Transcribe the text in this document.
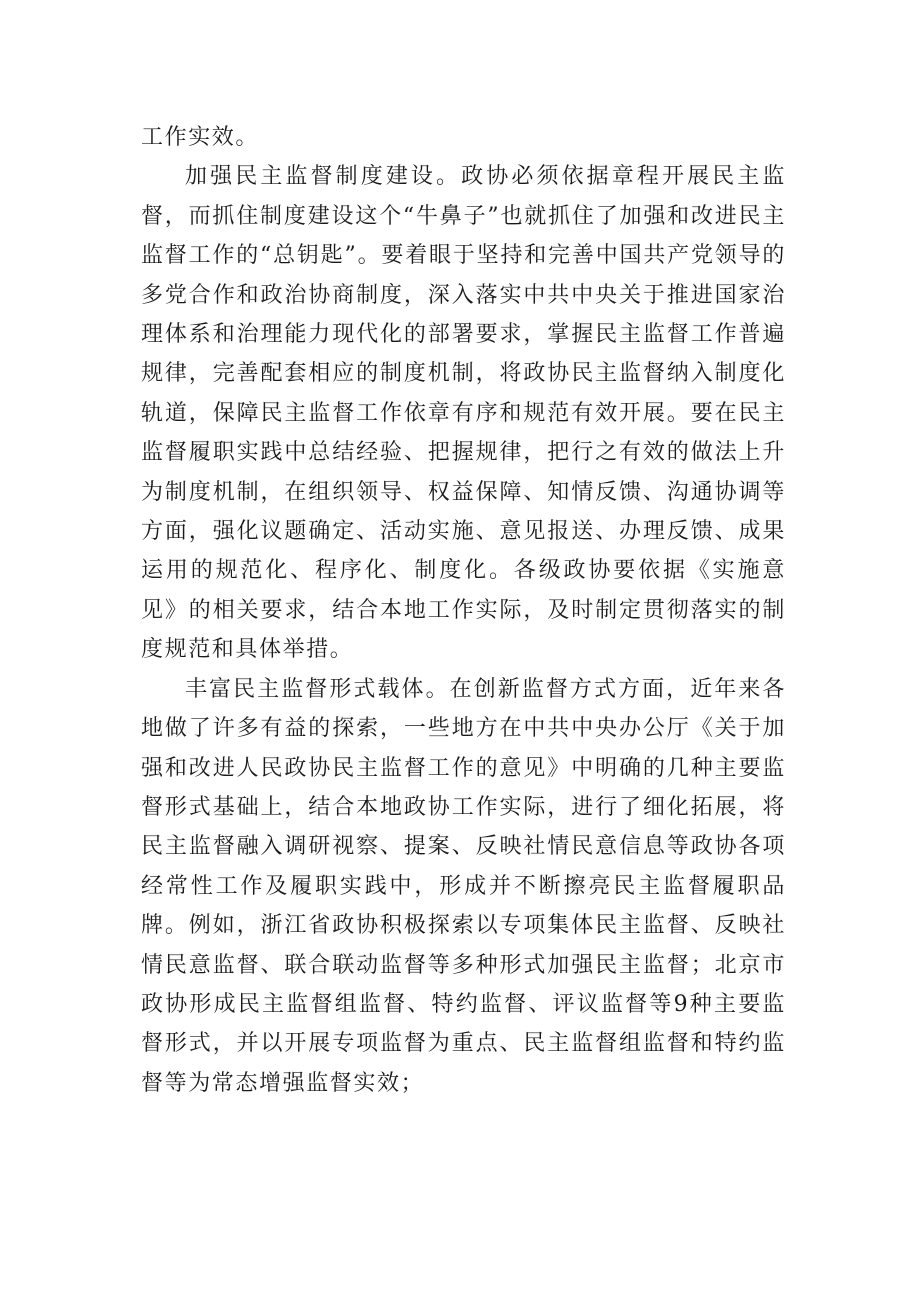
工作实效。

加强民主监督制度建设。政协必须依据章程开展民主监督，而抓住制度建设这个“牛鼻子”也就抓住了加强和改进民主监督工作的“总钥匙”。要着眼于坚持和完善中国共产党领导的多党合作和政治协商制度，深入落实中共中央关于推进国家治理体系和治理能力现代化的部署要求，掌握民主监督工作普遍规律，完善配套相应的制度机制，将政协民主监督纳入制度化轨道，保障民主监督工作依章有序和规范有效开展。要在民主监督履职实践中总结经验、把握规律，把行之有效的做法上升为制度机制，在组织领导、权益保障、知情反馈、沟通协调等方面，强化议题确定、活动实施、意见报送、办理反馈、成果运用的规范化、程序化、制度化。各级政协要依据《实施意见》的相关要求，结合本地工作实际，及时制定贯彻落实的制度规范和具体举措。

丰富民主监督形式载体。在创新监督方式方面，近年来各地做了许多有益的探索，一些地方在中共中央办公厅《关于加强和改进人民政协民主监督工作的意见》中明确的几种主要监督形式基础上，结合本地政协工作实际，进行了细化拓展，将民主监督融入调研视察、提案、反映社情民意信息等政协各项经常性工作及履职实践中，形成并不断擦亮民主监督履职品牌。例如，浙江省政协积极探索以专项集体民主监督、反映社情民意监督、联合联动监督等多种形式加强民主监督；北京市政协形成民主监督组监督、特约监督、评议监督等9种主要监督形式，并以开展专项监督为重点、民主监督组监督和特约监督等为常态增强监督实效；
